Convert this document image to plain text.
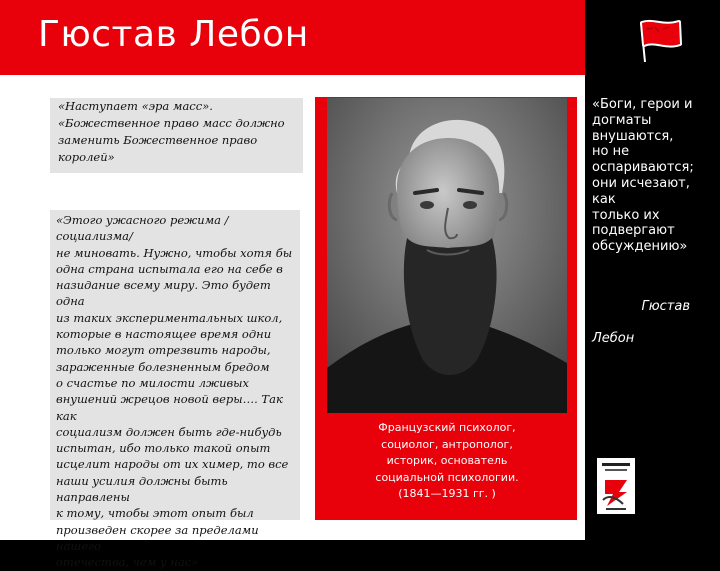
Гюстав Лебон
«Наступает «эра масс».
«Божественное право масс должно
заменить Божественное право
королей»
«Этого ужасного режима /социализма/
не миновать. Нужно, чтобы хотя бы
одна страна испытала его на себе в
назидание всему миру. Это будет одна
из таких экспериментальных школ,
которые в настоящее время одни
только могут отрезвить народы,
зараженные болезненным бредом
о счастье по милости лживых
внушений жрецов новой веры…. Так как
социализм должен быть где-нибудь
испытан, ибо только такой опыт
исцелит народы от их химер, то все
наши усилия должны быть направлены
к тому, чтобы этот опыт был
произведен скорее за пределами нашего
отечества, чем у нас»
Французский психолог,
социолог, антрополог,
историк, основатель
социальной психологии.
(1841—1931 гг. )
«Боги, герои и
догматы
внушаются,
но не
оспариваются;
они исчезают,
как
только их
подвергают
обсуждению»

Гюстав

Лебон
